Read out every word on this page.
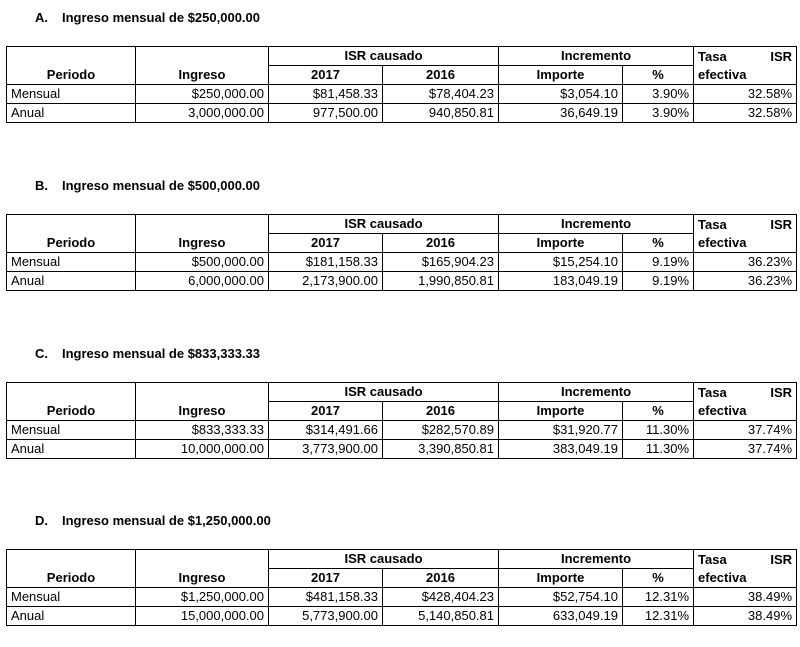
A. Ingreso mensual de $250,000.00
		ISR causado		Incremento		Tasa ISR

Periodo	Ingreso	2017	2016	Importe	%	efectiva
Mensual	$250,000.00	$81,458.33	$78,404.23	$3,054.10	3.90%	32.58%
Anual	3,000,000.00	977,500.00	940,850.81	36,649.19	3.90%	32.58%
B. Ingreso mensual de $500,000.00
		ISR causado		Incremento		Tasa ISR

Periodo	Ingreso	2017	2016	Importe	%	efectiva
Mensual	$500,000.00	$181,158.33	$165,904.23	$15,254.10	9.19%	36.23%
Anual	6,000,000.00	2,173,900.00	1,990,850.81	183,049.19	9.19%	36.23%
C. Ingreso mensual de $833,333.33
		ISR causado		Incremento		Tasa ISR

Periodo	Ingreso	2017	2016	Importe	%	efectiva
Mensual	$833,333.33	$314,491.66	$282,570.89	$31,920.77	11.30%	37.74%
Anual	10,000,000.00	3,773,900.00	3,390,850.81	383,049.19	11.30%	37.74%
D. Ingreso mensual de $1,250,000.00
		ISR causado		Incremento		Tasa ISR

Periodo	Ingreso	2017	2016	Importe	%	efectiva
Mensual	$1,250,000.00	$481,158.33	$428,404.23	$52,754.10	12.31%	38.49%
Anual	15,000,000.00	5,773,900.00	5,140,850.81	633,049.19	12.31%	38.49%
